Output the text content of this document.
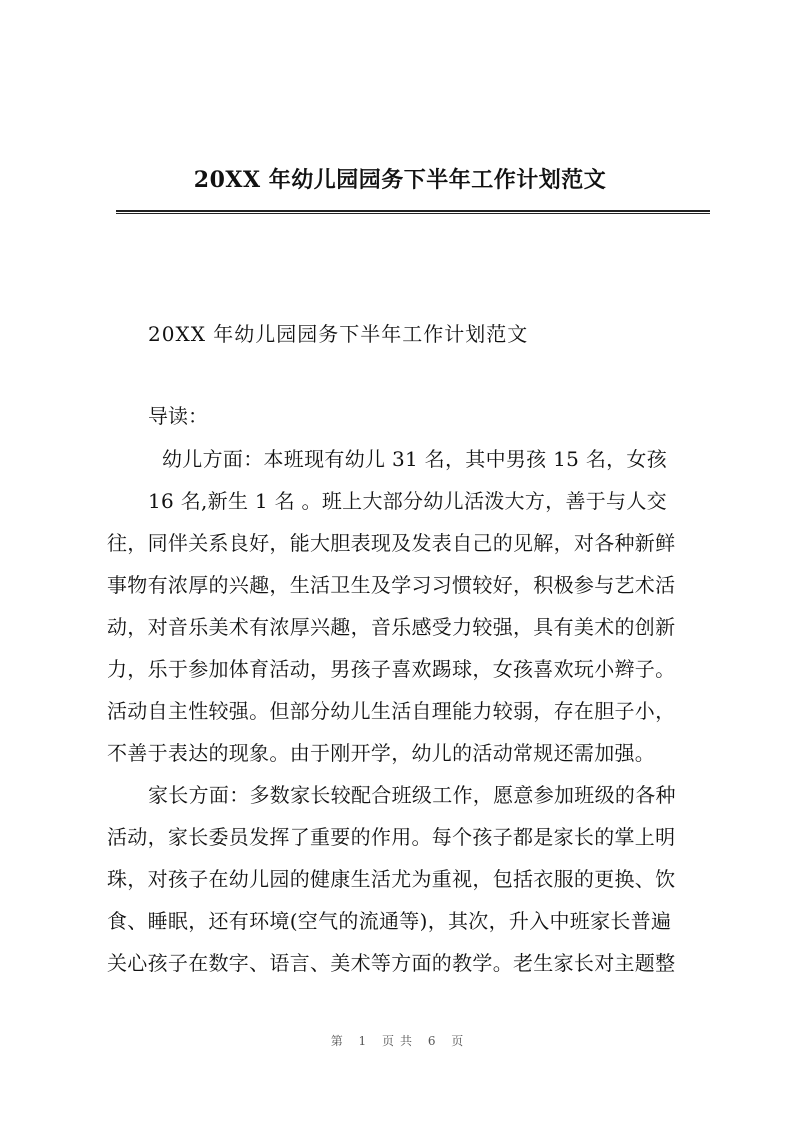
20XX 年幼儿园园务下半年工作计划范文
20XX 年幼儿园园务下半年工作计划范文
导读：
幼儿方面：本班现有幼儿 31 名，其中男孩 15 名，女孩
16 名,新生 1 名 。班上大部分幼儿活泼大方，善于与人交
往，同伴关系良好，能大胆表现及发表自己的见解，对各种新鲜
事物有浓厚的兴趣，生活卫生及学习习惯较好，积极参与艺术活
动，对音乐美术有浓厚兴趣，音乐感受力较强，具有美术的创新
力，乐于参加体育活动，男孩子喜欢踢球，女孩喜欢玩小辫子。
活动自主性较强。但部分幼儿生活自理能力较弱，存在胆子小，
不善于表达的现象。由于刚开学，幼儿的活动常规还需加强。
家长方面：多数家长较配合班级工作，愿意参加班级的各种
活动，家长委员发挥了重要的作用。每个孩子都是家长的掌上明
珠，对孩子在幼儿园的健康生活尤为重视，包括衣服的更换、饮
食、睡眠，还有环境(空气的流通等)，其次，升入中班家长普遍
关心孩子在数字、语言、美术等方面的教学。老生家长对主题整
第 1 页共 6 页
